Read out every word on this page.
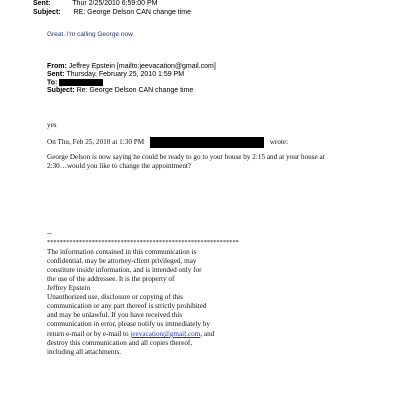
Sent:	Thur 2/25/2010 6:59:00 PM
Subject: RE: George Delson CAN change time
Great. I'm calling George now
From: Jeffrey Epstein [mailto:jeevacation@gmail.com]
Sent: Thursday, February 25, 2010 1:59 PM
To:
Subject: Re: George Delson CAN change time
yes
On Thu, Feb 25, 2010 at 1:30 PM	wrote:
George Delson is now saying he could be ready to go to your house by 2:15 and at your house at
2:30…would you like to change the appointment?
--
************************************************************
The information contained in this communication is
confidential, may be attorney-client privileged, may
constitute inside information, and is intended only for
the use of the addressee. It is the property of
Jeffrey Epstein
Unauthorized use, disclosure or copying of this
communication or any part thereof is strictly prohibited
and may be unlawful. If you have received this
communication in error, please notify us immediately by
return e-mail or by e-mail to jeevacation@gmail.com, and
destroy this communication and all copies thereof,
including all attachments.
